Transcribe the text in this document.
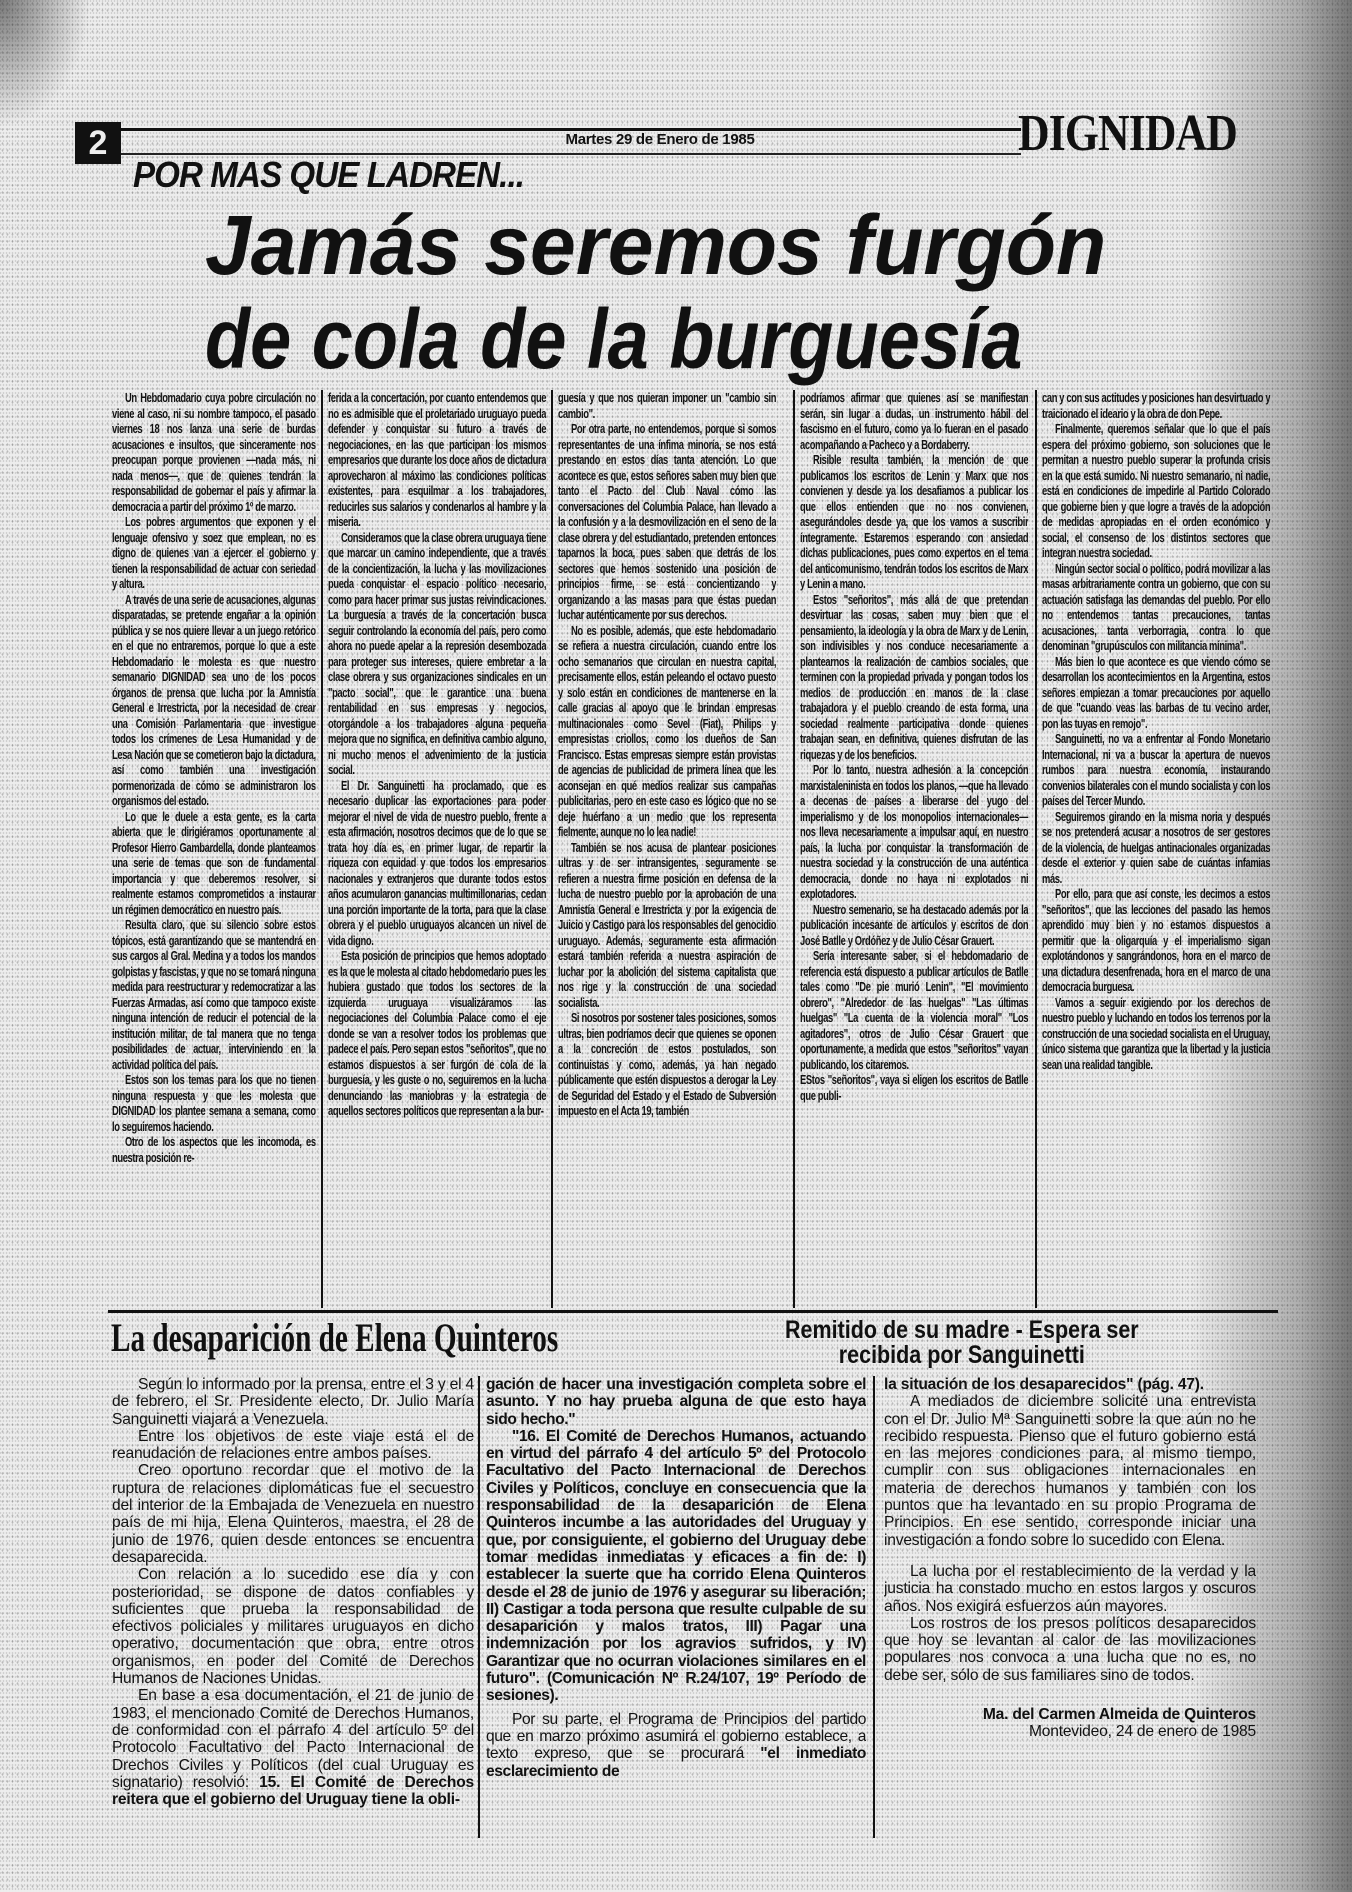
2	Martes 29 de Enero de 1985	DIGNIDAD
POR MAS QUE LADREN...
Jamás seremos furgón
de cola de la burguesía

Un Hebdomadario cuya pobre circulación no viene al caso, ni su nombre tampoco, el pasado viernes 18 nos lanza una serie de burdas acusaciones e insultos, que sinceramente nos preocupan porque provienen —nada más, ni nada menos—, que de quienes tendrán la responsabilidad de gobernar el país y afirmar la democracia a partir del próximo 1º de marzo.

Los pobres argumentos que exponen y el lenguaje ofensivo y soez que emplean, no es digno de quienes van a ejercer el gobierno y tienen la responsabilidad de actuar con seriedad y altura.

A través de una serie de acusaciones, algunas disparatadas, se pretende engañar a la opinión pública y se nos quiere llevar a un juego retórico en el que no entraremos, porque lo que a este Hebdomadario le molesta es que nuestro semanario DIGNIDAD sea uno de los pocos órganos de prensa que lucha por la Amnistía General e Irrestricta, por la necesidad de crear una Comisión Parlamentaria que investigue todos los crímenes de Lesa Humanidad y de Lesa Nación que se cometieron bajo la dictadura, así como también una investigación pormenorizada de cómo se administraron los organismos del estado.

Lo que le duele a esta gente, es la carta abierta que le dirigiéramos oportunamente al Profesor Hierro Gambardella, donde planteamos una serie de temas que son de fundamental importancia y que deberemos resolver, si realmente estamos comprometidos a instaurar un régimen democrático en nuestro país.

Resulta claro, que su silencio sobre estos tópicos, está garantizando que se mantendrá en sus cargos al Gral. Medina y a todos los mandos golpistas y fascistas, y que no se tomará ninguna medida para reestructurar y redemocratizar a las Fuerzas Armadas, así como que tampoco existe ninguna intención de reducir el potencial de la institución militar, de tal manera que no tenga posibilidades de actuar, interviniendo en la actividad política del país.

Estos son los temas para los que no tienen ninguna respuesta y que les molesta que DIGNIDAD los plantee semana a semana, como lo seguiremos haciendo.

Otro de los aspectos que les incomoda, es nuestra posición re-

ferida a la concertación, por cuanto entendemos que no es admisible que el proletariado uruguayo pueda defender y conquistar su futuro a través de negociaciones, en las que participan los mismos empresarios que durante los doce años de dictadura aprovecharon al máximo las condiciones políticas existentes, para esquilmar a los trabajadores, reducirles sus salarios y condenarlos al hambre y la miseria.

Consideramos que la clase obrera uruguaya tiene que marcar un camino independiente, que a través de la concientización, la lucha y las movilizaciones pueda conquistar el espacio político necesario, como para hacer primar sus justas reivindicaciones. La burguesía a través de la concertación busca seguir controlando la economía del país, pero como ahora no puede apelar a la represión desembozada para proteger sus intereses, quiere embretar a la clase obrera y sus organizaciones sindicales en un "pacto social", que le garantice una buena rentabilidad en sus empresas y negocios, otorgándole a los trabajadores alguna pequeña mejora que no significa, en definitiva cambio alguno, ni mucho menos el advenimiento de la justicia social.

El Dr. Sanguinetti ha proclamado, que es necesario duplicar las exportaciones para poder mejorar el nivel de vida de nuestro pueblo, frente a esta afirmación, nosotros decimos que de lo que se trata hoy día es, en primer lugar, de repartir la riqueza con equidad y que todos los empresarios nacionales y extranjeros que durante todos estos años acumularon ganancias multimillonarias, cedan una porción importante de la torta, para que la clase obrera y el pueblo uruguayos alcancen un nivel de vida digno.

Esta posición de principios que hemos adoptado es la que le molesta al citado hebdomedario pues les hubiera gustado que todos los sectores de la izquierda uruguaya visualizáramos las negociaciones del Columbia Palace como el eje donde se van a resolver todos los problemas que padece el país. Pero sepan estos "señoritos", que no estamos dispuestos a ser furgón de cola de la burguesía, y les guste o no, seguiremos en la lucha denunciando las maniobras y la estrategia de aquellos sectores políticos que representan a la bur-

guesía y que nos quieran imponer un "cambio sin cambio".

Por otra parte, no entendemos, porque si somos representantes de una ínfima minoría, se nos está prestando en estos días tanta atención. Lo que acontece es que, estos señores saben muy bien que tanto el Pacto del Club Naval cómo las conversaciones del Columbia Palace, han llevado a la confusión y a la desmovilización en el seno de la clase obrera y del estudiantado, pretenden entonces taparnos la boca, pues saben que detrás de los sectores que hemos sostenido una posición de principios firme, se está concientizando y organizando a las masas para que éstas puedan luchar auténticamente por sus derechos.

No es posible, además, que este hebdomadario se refiera a nuestra circulación, cuando entre los ocho semanarios que circulan en nuestra capital, precisamente ellos, están peleando el octavo puesto y solo están en condiciones de mantenerse en la calle gracias al apoyo que le brindan empresas multinacionales como Sevel (Fiat), Philips y empresistas criollos, como los dueños de San Francisco. Estas empresas siempre están provistas de agencias de publicidad de primera línea que les aconsejan en qué medios realizar sus campañas publicitarias, pero en este caso es lógico que no se deje huérfano a un medio que los representa fielmente, aunque no lo lea nadie!

También se nos acusa de plantear posiciones ultras y de ser intransigentes, seguramente se refieren a nuestra firme posición en defensa de la lucha de nuestro pueblo por la aprobación de una Amnistía General e Irrestricta y por la exigencia de Juicio y Castigo para los responsables del genocidio uruguayo. Además, seguramente esta afirmación estará también referida a nuestra aspiración de luchar por la abolición del sistema capitalista que nos rige y la construcción de una sociedad socialista.

Si nosotros por sostener tales posiciones, somos ultras, bien podríamos decir que quienes se oponen a la concreción de estos postulados, son continuistas y como, además, ya han negado públicamente que estén dispuestos a derogar la Ley de Seguridad del Estado y el Estado de Subversión impuesto en el Acta 19, también

podríamos afirmar que quienes así se manifiestan serán, sin lugar a dudas, un instrumento hábil del fascismo en el futuro, como ya lo fueran en el pasado acompañando a Pacheco y a Bordaberry.

Risible resulta también, la mención de que publicamos los escritos de Lenin y Marx que nos convienen y desde ya los desafiamos a publicar los que ellos entienden que no nos convienen, asegurándoles desde ya, que los vamos a suscribir íntegramente. Estaremos esperando con ansiedad dichas publicaciones, pues como expertos en el tema del anticomunismo, tendrán todos los escritos de Marx y Lenin a mano.

Estos "señoritos", más allá de que pretendan desvirtuar las cosas, saben muy bien que el pensamiento, la ideología y la obra de Marx y de Lenin, son indivisibles y nos conduce necesariamente a plantearnos la realización de cambios sociales, que terminen con la propiedad privada y pongan todos los medios de producción en manos de la clase trabajadora y el pueblo creando de esta forma, una sociedad realmente participativa donde quienes trabajan sean, en definitiva, quienes disfrutan de las riquezas y de los beneficios.

Por lo tanto, nuestra adhesión a la concepción marxistaleninista en todos los planos, —que ha llevado a decenas de países a liberarse del yugo del imperialismo y de los monopolios internacionales— nos lleva necesariamente a impulsar aquí, en nuestro país, la lucha por conquistar la transformación de nuestra sociedad y la construcción de una auténtica democracia, donde no haya ni explotados ni explotadores.

Nuestro semenario, se ha destacado además por la publicación incesante de artículos y escritos de don José Batlle y Ordóñez y de Julio César Grauert.

Sería interesante saber, si el hebdomadario de referencia está dispuesto a publicar artículos de Batlle tales como "De pie murió Lenin", "El movimiento obrero", "Alrededor de las huelgas" "Las últimas huelgas" "La cuenta de la violencia moral" "Los agitadores", otros de Julio César Grauert que oportunamente, a medida que estos "señoritos" vayan publicando, los citaremos.

EStos "señoritos", vaya si eligen los escritos de Batlle que publi-

can y con sus actitudes y posiciones han desvirtuado y traicionado el ideario y la obra de don Pepe.

Finalmente, queremos señalar que lo que el país espera del próximo gobierno, son soluciones que le permitan a nuestro pueblo superar la profunda crisis en la que está sumido. Ni nuestro semanario, ni nadie, está en condiciones de impedirle al Partido Colorado que gobierne bien y que logre a través de la adopción de medidas apropiadas en el orden económico y social, el consenso de los distintos sectores que integran nuestra sociedad.

Ningún sector social o político, podrá movilizar a las masas arbitrariamente contra un gobierno, que con su actuación satisfaga las demandas del pueblo. Por ello no entendemos tantas precauciones, tantas acusaciones, tanta verborragia, contra lo que denominan "grupúsculos con militancia mínima".

Más bien lo que acontece es que viendo cómo se desarrollan los acontecimientos en la Argentina, estos señores empiezan a tomar precauciones por aquello de que "cuando veas las barbas de tu vecino arder, pon las tuyas en remojo".

Sanguinetti, no va a enfrentar al Fondo Monetario Internacional, ni va a buscar la apertura de nuevos rumbos para nuestra economía, instaurando convenios bilaterales con el mundo socialista y con los países del Tercer Mundo.

Seguiremos girando en la misma noria y después se nos pretenderá acusar a nosotros de ser gestores de la violencia, de huelgas antinacionales organizadas desde el exterior y quien sabe de cuántas infamias más.

Por ello, para que así conste, les decimos a estos "señoritos", que las lecciones del pasado las hemos aprendido muy bien y no estamos dispuestos a permitir que la oligarquía y el imperialismo sigan explotándonos y sangrándonos, hora en el marco de una dictadura desenfrenada, hora en el marco de una democracia burguesa.

Vamos a seguir exigiendo por los derechos de nuestro pueblo y luchando en todos los terrenos por la construcción de una sociedad socialista en el Uruguay, único sistema que garantiza que la libertad y la justicia sean una realidad tangible.

La desaparición de Elena Quinteros	Remitido de su madre - Espera ser
recibida por Sanguinetti

Según lo informado por la prensa, entre el 3 y el 4 de febrero, el Sr. Presidente electo, Dr. Julio María Sanguinetti viajará a Venezuela.

Entre los objetivos de este viaje está el de reanudación de relaciones entre ambos países.

Creo oportuno recordar que el motivo de la ruptura de relaciones diplomáticas fue el secuestro del interior de la Embajada de Venezuela en nuestro país de mi hija, Elena Quinteros, maestra, el 28 de junio de 1976, quien desde entonces se encuentra desaparecida.

Con relación a lo sucedido ese día y con posterioridad, se dispone de datos confiables y suficientes que prueba la responsabilidad de efectivos policiales y militares uruguayos en dicho operativo, documentación que obra, entre otros organismos, en poder del Comité de Derechos Humanos de Naciones Unidas.

En base a esa documentación, el 21 de junio de 1983, el mencionado Comité de Derechos Humanos, de conformidad con el párrafo 4 del artículo 5º del Protocolo Facultativo del Pacto Internacional de Drechos Civiles y Políticos (del cual Uruguay es signatario) resolvió: 15. El Comité de Derechos reitera que el gobierno del Uruguay tiene la obli-

gación de hacer una investigación completa sobre el asunto. Y no hay prueba alguna de que esto haya sido hecho."

"16. El Comité de Derechos Humanos, actuando en virtud del párrafo 4 del artículo 5º del Protocolo Facultativo del Pacto Internacional de Derechos Civiles y Políticos, concluye en consecuencia que la responsabilidad de la desaparición de Elena Quinteros incumbe a las autoridades del Uruguay y que, por consiguiente, el gobierno del Uruguay debe tomar medidas inmediatas y eficaces a fin de: I) establecer la suerte que ha corrido Elena Quinteros desde el 28 de junio de 1976 y asegurar su liberación; II) Castigar a toda persona que resulte culpable de su desaparición y malos tratos, III) Pagar una indemnización por los agravios sufridos, y IV) Garantizar que no ocurran violaciones similares en el futuro". (Comunicación Nº R.24/107, 19º Período de sesiones).

Por su parte, el Programa de Principios del partido que en marzo próximo asumirá el gobierno establece, a texto expreso, que se procurará "el inmediato esclarecimiento de

la situación de los desaparecidos" (pág. 47).

A mediados de diciembre solicité una entrevista con el Dr. Julio Mª Sanguinetti sobre la que aún no he recibido respuesta. Pienso que el futuro gobierno está en las mejores condiciones para, al mismo tiempo, cumplir con sus obligaciones internacionales en materia de derechos humanos y también con los puntos que ha levantado en su propio Programa de Principios. En ese sentido, corresponde iniciar una investigación a fondo sobre lo sucedido con Elena.

La lucha por el restablecimiento de la verdad y la justicia ha constado mucho en estos largos y oscuros años. Nos exigirá esfuerzos aún mayores.

Los rostros de los presos políticos desaparecidos que hoy se levantan al calor de las movilizaciones populares nos convoca a una lucha que no es, no debe ser, sólo de sus familiares sino de todos.

Ma. del Carmen Almeida de Quinteros

Montevideo, 24 de enero de 1985
